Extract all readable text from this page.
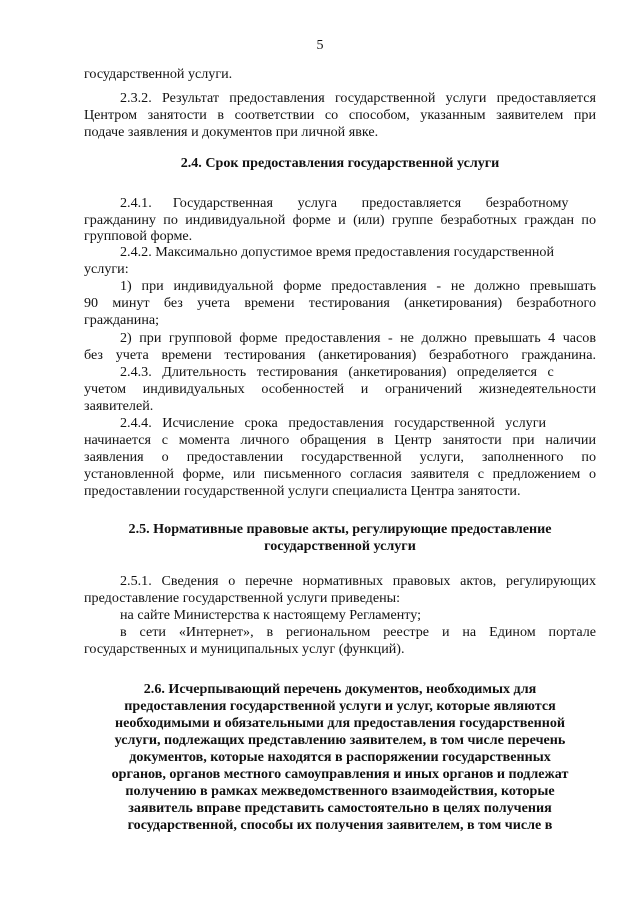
5
государственной услуги.
2.3.2. Результат предоставления государственной услуги предоставляется
Центром занятости в соответствии со способом, указанным заявителем при
подаче заявления и документов при личной явке.
2.4. Срок предоставления государственной услуги
2.4.1.      Государственная       услуга       предоставляется       безработному
гражданину по индивидуальной форме и (или) группе безработных граждан по
групповой форме.
2.4.2. Максимально допустимое время предоставления государственной
услуги:
1) при индивидуальной форме предоставления - не должно превышать
90 минут без учета времени тестирования (анкетирования) безработного
гражданина;
2) при групповой форме предоставления - не должно превышать 4 часов
без учета времени тестирования (анкетирования) безработного гражданина.
2.4.3.   Длительность   тестирования   (анкетирования)   определяется   с
учетом индивидуальных особенностей и ограничений жизнедеятельности
заявителей.
2.4.4.   Исчисление   срока   предоставления   государственной   услуги
начинается с момента личного обращения в Центр занятости при наличии
заявления о предоставлении государственной услуги, заполненного по
установленной форме, или письменного согласия заявителя с предложением о
предоставлении государственной услуги специалиста Центра занятости.
2.5. Нормативные правовые акты, регулирующие предоставление
государственной услуги
2.5.1. Сведения о перечне нормативных правовых актов, регулирующих
предоставление государственной услуги приведены:
на сайте Министерства к настоящему Регламенту;
в сети «Интернет», в региональном реестре и на Едином портале
государственных и муниципальных услуг (функций).
2.6. Исчерпывающий перечень документов, необходимых для
предоставления государственной услуги и услуг, которые являются
необходимыми и обязательными для предоставления государственной
услуги, подлежащих представлению заявителем, в том числе перечень
документов, которые находятся в распоряжении государственных
органов, органов местного самоуправления и иных органов и подлежат
получению в рамках межведомственного взаимодействия, которые
заявитель вправе представить самостоятельно в целях получения
государственной, способы их получения заявителем, в том числе в
